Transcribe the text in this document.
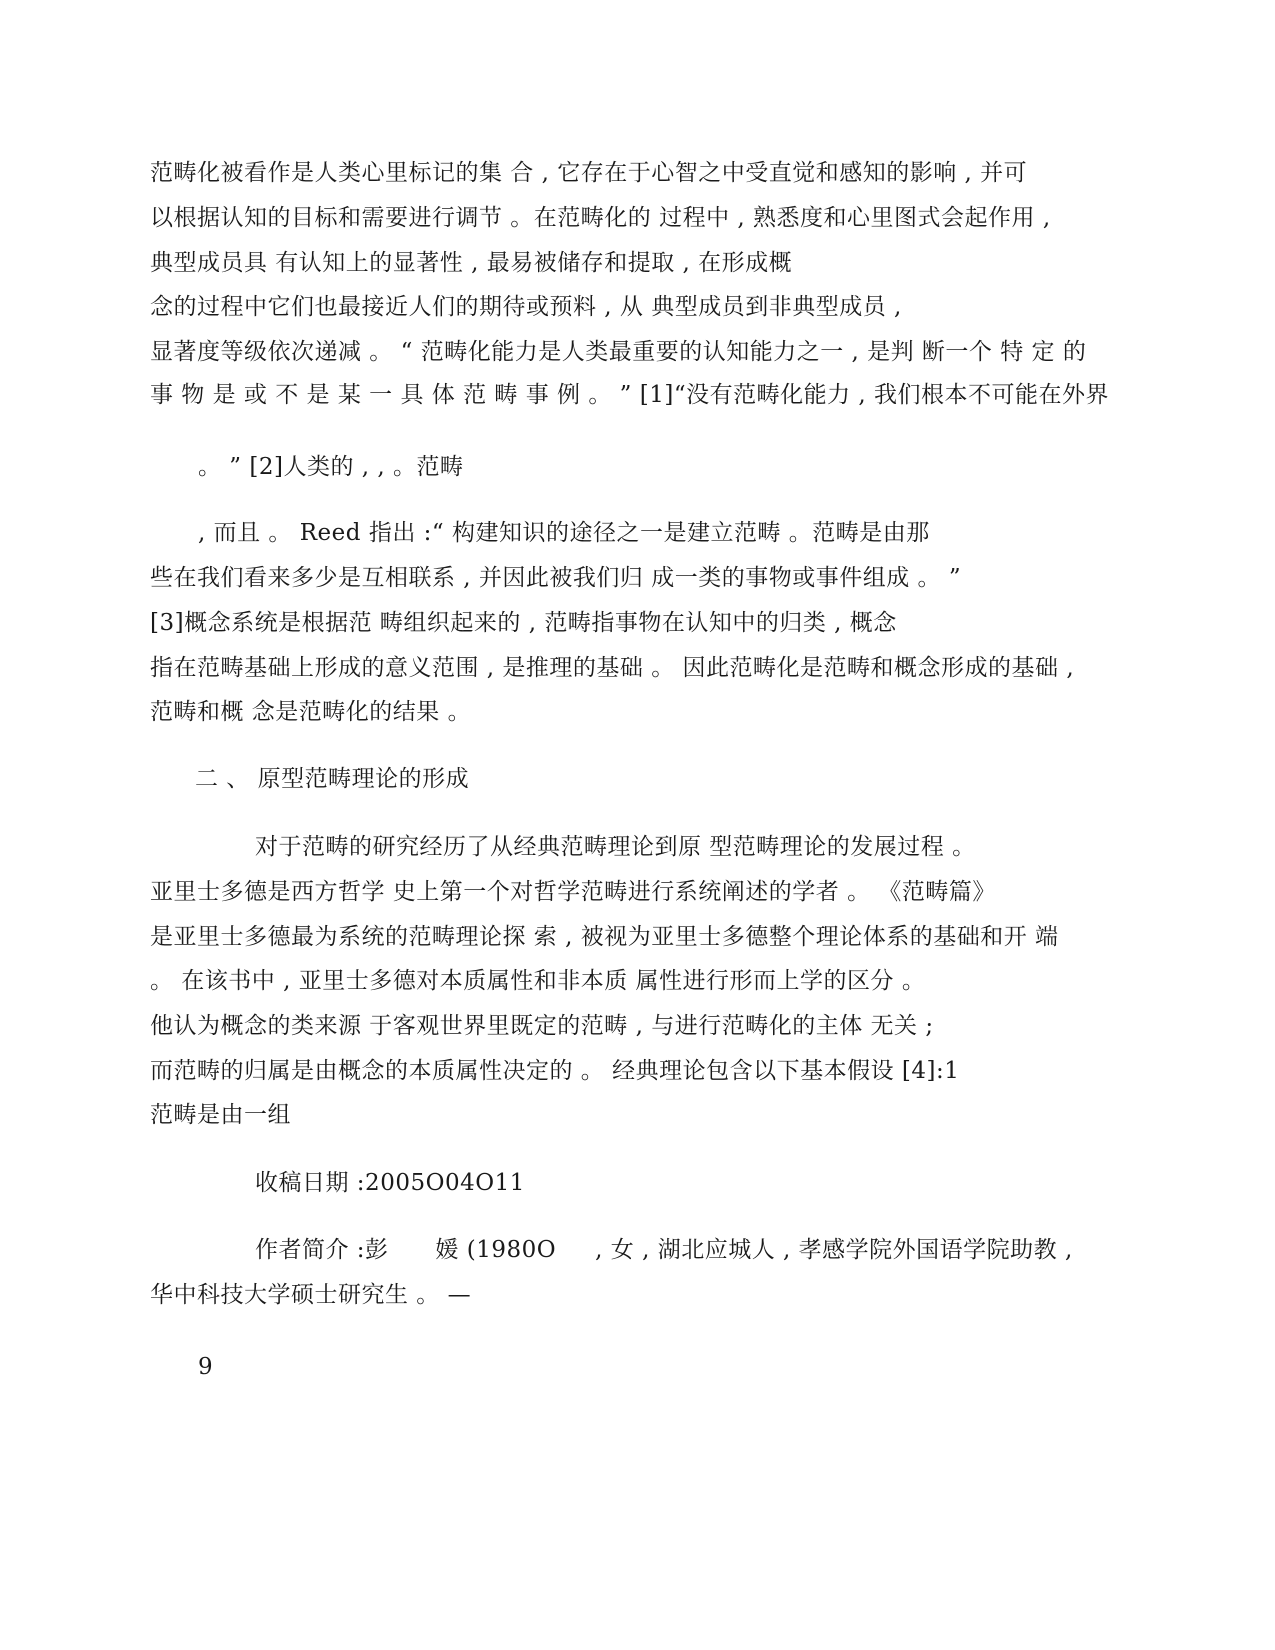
范畴化被看作是人类心里标记的集 合 , 它存在于心智之中受直觉和感知的影响 , 并可
以根据认知的目标和需要进行调节 。在范畴化的 过程中 , 熟悉度和心里图式会起作用 ,
典型成员具 有认知上的显著性 , 最易被储存和提取 , 在形成概
念的过程中它们也最接近人们的期待或预料 , 从 典型成员到非典型成员 ,
显著度等级依次递减 。 “ 范畴化能力是人类最重要的认知能力之一 , 是判 断一个 特 定 的
事 物 是 或 不 是 某 一 具 体 范 畴 事 例 。 ” [1]“没有范畴化能力 , 我们根本不可能在外界
。 ” [2]人类的 , , 。范畴
, 而且 。 Reed 指出 :“ 构建知识的途径之一是建立范畴 。范畴是由那
些在我们看来多少是互相联系 , 并因此被我们归 成一类的事物或事件组成 。 ”
[3]概念系统是根据范 畴组织起来的 , 范畴指事物在认知中的归类 , 概念
指在范畴基础上形成的意义范围 , 是推理的基础 。 因此范畴化是范畴和概念形成的基础 ,
范畴和概 念是范畴化的结果 。
二 、 原型范畴理论的形成
对于范畴的研究经历了从经典范畴理论到原 型范畴理论的发展过程 。
亚里士多德是西方哲学 史上第一个对哲学范畴进行系统阐述的学者 。 《范畴篇》
是亚里士多德最为系统的范畴理论探 索 , 被视为亚里士多德整个理论体系的基础和开 端
。 在该书中 , 亚里士多德对本质属性和非本质 属性进行形而上学的区分 。
他认为概念的类来源 于客观世界里既定的范畴 , 与进行范畴化的主体 无关 ;
而范畴的归属是由概念的本质属性决定的 。 经典理论包含以下基本假设 [4]:1
范畴是由一组
收稿日期 :2005O04O11
作者简介 :彭      媛 (1980O     , 女 , 湖北应城人 , 孝感学院外国语学院助教 ,
华中科技大学硕士研究生 。 —
9
